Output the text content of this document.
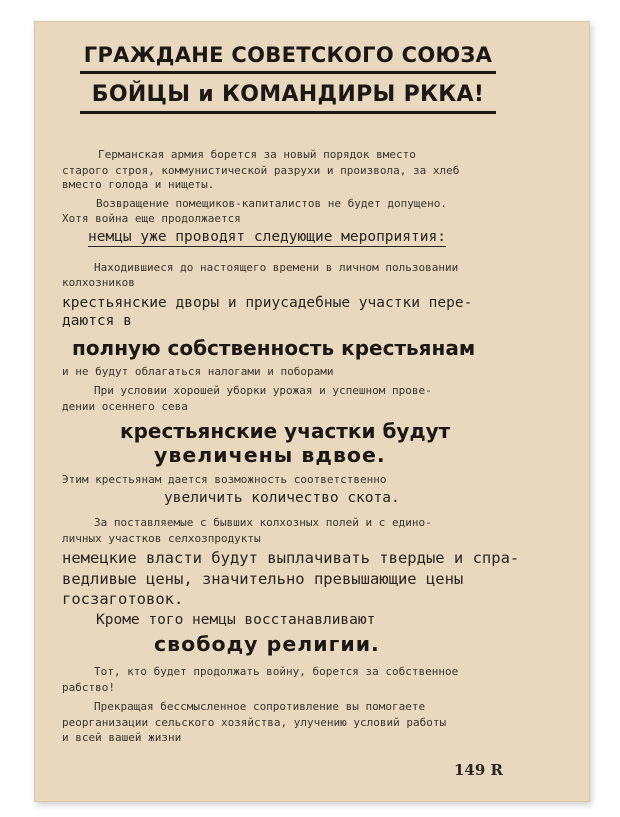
ГРАЖДАНЕ СОВЕТСКОГО СОЮЗА
БОЙЦЫ и КОМАНДИРЫ РККА!
Германская армия борется за новый порядок вместо
старого строя, коммунистической разрухи и произвола, за хлеб
вместо голода и нищеты.
Возвращение помещиков-капиталистов не будет допущено.
Хотя война еще продолжается
немцы уже проводят следующие мероприятия:
Находившиеся до настоящего времени в личном пользовании
колхозников
крестьянские дворы и приусадебные участки пере-
даются в
полную собственность крестьянам
и не будут облагаться налогами и поборами
При условии хорошей уборки урожая и успешном прове-
дении осеннего сева
крестьянские участки будут
увеличены вдвое.
Этим крестьянам дается возможность соответственно
увеличить количество скота.
За поставляемые с бывших колхозных полей и с едино-
личных участков селхозпродукты
немецкие власти будут выплачивать твердые и спра-
ведливые цены, значительно превышающие цены
госзаготовок.
Кроме того немцы восстанавливают
свободу религии.
Тот, кто будет продолжать войну, борется за собственное
рабство!
Прекращая бессмысленное сопротивление вы помогаете
реорганизации сельского хозяйства, улучению условий работы
и всей вашей жизни
149 R
